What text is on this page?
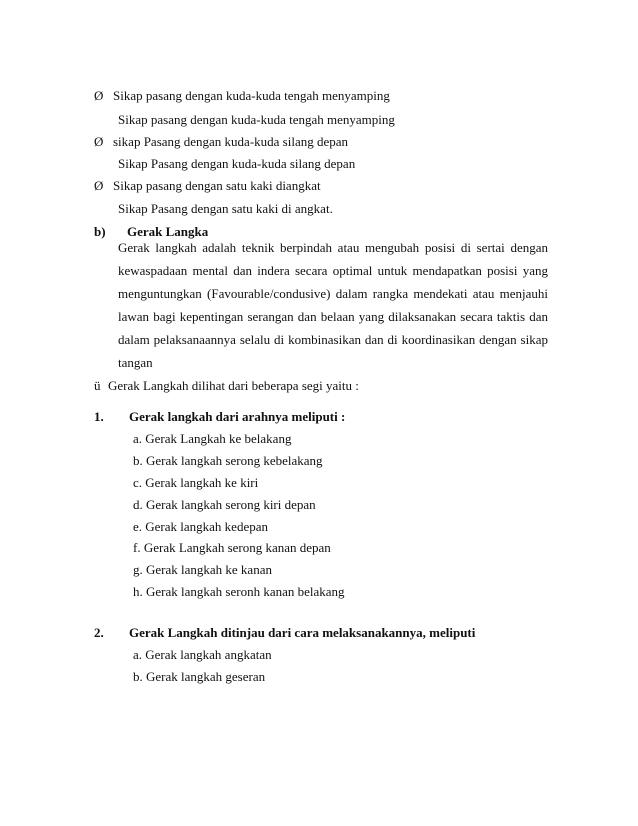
Ø Sikap pasang dengan kuda-kuda tengah menyamping
Sikap pasang dengan kuda-kuda tengah menyamping
Ø sikap Pasang dengan kuda-kuda silang depan
Sikap Pasang dengan kuda-kuda silang depan
Ø Sikap pasang dengan satu kaki diangkat
Sikap Pasang dengan satu kaki di angkat.
b) Gerak Langka
Gerak langkah adalah teknik berpindah atau mengubah posisi di sertai dengan
kewaspadaan mental dan indera secara optimal untuk mendapatkan posisi yang
menguntungkan (Favourable/condusive) dalam rangka mendekati atau menjauhi
lawan bagi kepentingan serangan dan belaan yang dilaksanakan secara taktis dan
dalam pelaksanaannya selalu di kombinasikan dan di koordinasikan dengan sikap
tangan
ü Gerak Langkah dilihat dari beberapa segi yaitu :
1. Gerak langkah dari arahnya meliputi :
a. Gerak Langkah ke belakang
b. Gerak langkah serong kebelakang
c. Gerak langkah ke kiri
d. Gerak langkah serong kiri depan
e. Gerak langkah kedepan
f. Gerak Langkah serong kanan depan
g. Gerak langkah ke kanan
h. Gerak langkah seronh kanan belakang
2. Gerak Langkah ditinjau dari cara melaksanakannya, meliputi
a. Gerak langkah angkatan
b. Gerak langkah geseran
